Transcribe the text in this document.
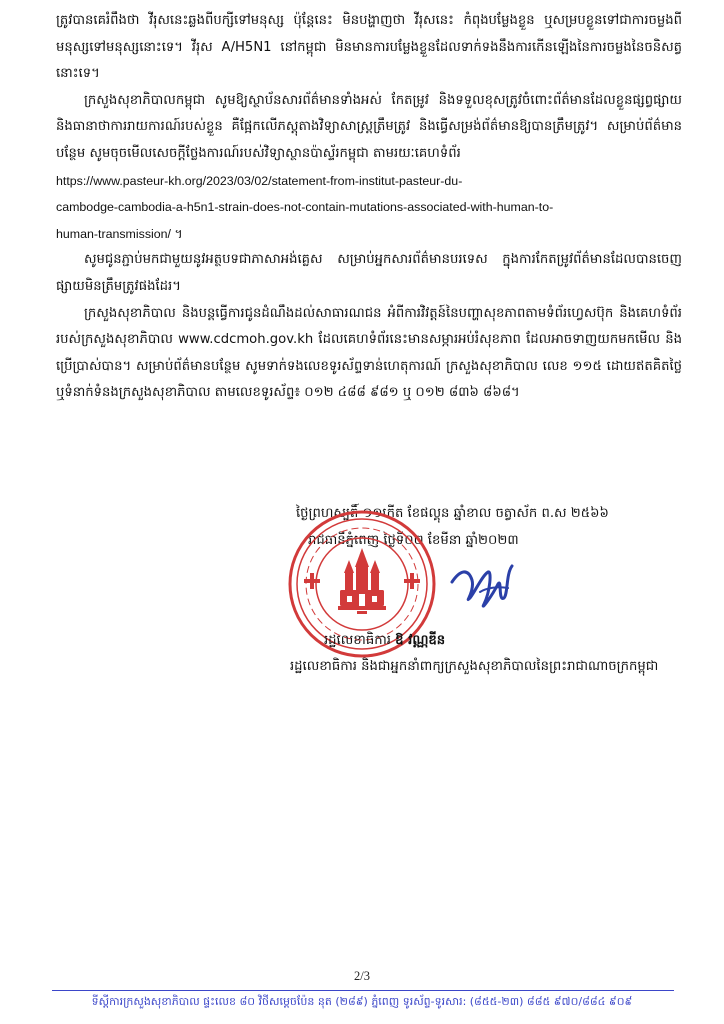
ត្រូវបានគេរំពឹងថា វីរុសនេះឆ្លងពីបក្សីទៅមនុស្ស ប៉ុន្តែនេះ មិនបង្ហាញថា វីរុសនេះ កំពុងបម្លែងខ្លួន ឬសម្របខ្លួនទៅជាការចម្លងពីមនុស្សទៅមនុស្សនោះទេ។ វីរុស A/H5N1 នៅកម្ពុជា មិនមានការបម្លែងខ្លួនដែលទាក់ទងនឹងការកើនឡើងនៃការចម្លងនៃចនិសត្វនោះទេ។

ក្រសួងសុខាភិបាលកម្ពុជា សូមឱ្យស្ថាប័នសារព័ត៌មានទាំងអស់ កែតម្រូវ និងទទួលខុសត្រូវចំពោះព័ត៌មានដែលខ្លួនផ្សព្វផ្សាយ និងធានាថាការរាយការណ៍របស់ខ្លួន គឺផ្អែកលើភស្តុតាងវិទ្យាសាស្ត្រត្រឹមត្រូវ និងធ្វើសម្រង់ព័ត៌មានឱ្យបានត្រឹមត្រូវ។ សម្រាប់ព័ត៌មានបន្ថែម សូមចុចមើលសេចក្តីថ្លែងការណ៍របស់វិទ្យាស្ថានប៉ាស្ទ័រកម្ពុជា តាមរយៈគេហទំព័រ

https://www.pasteur-kh.org/2023/03/02/statement-from-institut-pasteur-du-
cambodge-cambodia-a-h5n1-strain-does-not-contain-mutations-associated-with-human-to-
human-transmission/ ។

សូមជូនភ្ជាប់មកជាមួយនូវអត្ថបទជាភាសាអង់គ្លេស សម្រាប់អ្នកសារព័ត៌មានបរទេស ក្នុងការកែតម្រូវព័ត៌មានដែលបានចេញផ្សាយមិនត្រឹមត្រូវផងដែរ។

ក្រសួងសុខាភិបាល និងបន្តធ្វើការជូនដំណឹងដល់សាធារណជន អំពីការវិវត្តន៍នៃបញ្ហាសុខភាពតាមទំព័រហ្វេសប៊ុក និងគេហទំព័ររបស់ក្រសួងសុខាភិបាល www.cdcmoh.gov.kh ដែលគេហទំព័រនេះមានសម្ភារអប់រំសុខភាព ដែលអាចទាញយកមកមើល និងប្រើប្រាស់បាន។ សម្រាប់ព័ត៌មានបន្ថែម សូមទាក់ទងលេខទូរស័ព្ទទាន់ហេតុការណ៍ ក្រសួងសុខាភិបាល លេខ ១១៥ ដោយឥតគិតថ្លៃ ឬទំនាក់ទំនងក្រសួងសុខាភិបាល តាមលេខទូរស័ព្ទ៖ ០១២ ៤៨៨ ៩៨១ ឬ ០១២ ៨៣៦ ៨៦៨។

ថ្ងៃព្រហស្បតិ៍ ១១កើត ខែផល្គុន ឆ្នាំខាល ចត្វាស័ក ព.ស ២៥៦៦
រាជធានីភ្នំពេញ ថ្ងៃទី០២ ខែមីនា ឆ្នាំ២០២៣
រដ្ឋលេខាធិការ ឱ វណ្ណឌីន
រដ្ឋលេខាធិការ និងជាអ្នកនាំពាក្យក្រសួងសុខាភិបាលនៃព្រះរាជាណាចក្រកម្ពុជា
2/3
ទីស្តីការក្រសួងសុខាភិបាល ផ្ទះលេខ ៨០ វិថីសម្តេចប៉ែន នុត (២៨៩) ភ្នំពេញ ទូរស័ព្ទ-ទូរសារ: (៨៥៥-២៣) ៨៨៥ ៩៧០/៨៨៤ ៩០៩
